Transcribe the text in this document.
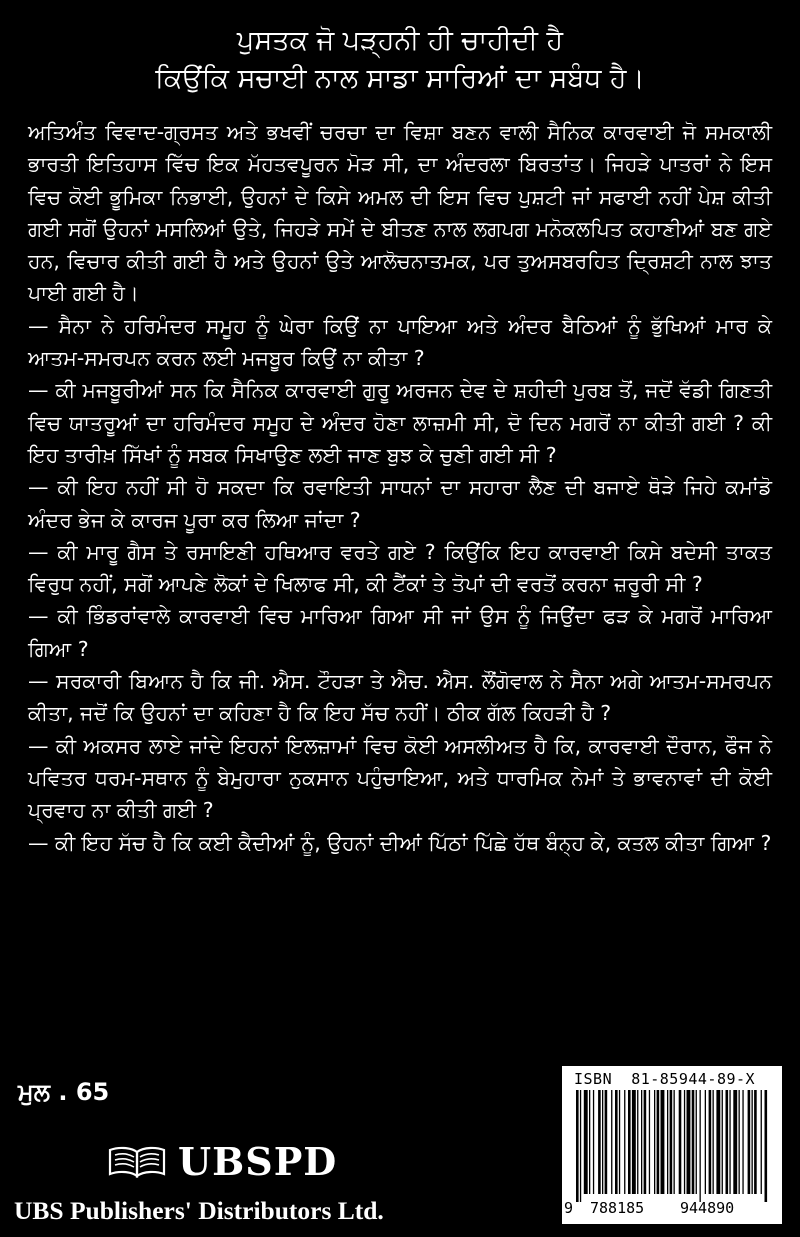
ਪੁਸਤਕ ਜੋ ਪੜ੍ਹਨੀ ਹੀ ਚਾਹੀਦੀ ਹੈ
ਕਿਉਂਕਿ ਸਚਾਈ ਨਾਲ ਸਾਡਾ ਸਾਰਿਆਂ ਦਾ ਸਬੰਧ ਹੈ।

ਅਤਿਅੰਤ ਵਿਵਾਦ-ਗ੍ਰਸਤ ਅਤੇ ਭਖਵੀਂ ਚਰਚਾ ਦਾ ਵਿਸ਼ਾ ਬਣਨ ਵਾਲੀ ਸੈਨਿਕ ਕਾਰਵਾਈ ਜੋ ਸਮਕਾਲੀ ਭਾਰਤੀ ਇਤਿਹਾਸ ਵਿੱਚ ਇਕ ਮੱਹਤਵਪੂਰਨ ਮੋੜ ਸੀ, ਦਾ ਅੰਦਰਲਾ ਬਿਰਤਾਂਤ। ਜਿਹੜੇ ਪਾਤਰਾਂ ਨੇ ਇਸ ਵਿਚ ਕੋਈ ਭੂਮਿਕਾ ਨਿਭਾਈ, ਉਹਨਾਂ ਦੇ ਕਿਸੇ ਅਮਲ ਦੀ ਇਸ ਵਿਚ ਪੁਸ਼ਟੀ ਜਾਂ ਸਫਾਈ ਨਹੀਂ ਪੇਸ਼ ਕੀਤੀ ਗਈ ਸਗੋਂ ਉਹਨਾਂ ਮਸਲਿਆਂ ਉਤੇ, ਜਿਹੜੇ ਸਮੇਂ ਦੇ ਬੀਤਣ ਨਾਲ ਲਗਪਗ ਮਨੋਕਲਪਿਤ ਕਹਾਣੀਆਂ ਬਣ ਗਏ ਹਨ, ਵਿਚਾਰ ਕੀਤੀ ਗਈ ਹੈ ਅਤੇ ਉਹਨਾਂ ਉਤੇ ਆਲੋਚਨਾਤਮਕ, ਪਰ ਤੁਅਸਬਰਹਿਤ ਦ੍ਰਿਸ਼ਟੀ ਨਾਲ ਝਾਤ ਪਾਈ ਗਈ ਹੈ।

— ਸੈਨਾ ਨੇ ਹਰਿਮੰਦਰ ਸਮੂਹ ਨੂੰ ਘੇਰਾ ਕਿਉਂ ਨਾ ਪਾਇਆ ਅਤੇ ਅੰਦਰ ਬੈਠਿਆਂ ਨੂੰ ਭੁੱਖਿਆਂ ਮਾਰ ਕੇ ਆਤਮ-ਸਮਰਪਨ ਕਰਨ ਲਈ ਮਜਬੂਰ ਕਿਉਂ ਨਾ ਕੀਤਾ ?

— ਕੀ ਮਜਬੂਰੀਆਂ ਸਨ ਕਿ ਸੈਨਿਕ ਕਾਰਵਾਈ ਗੁਰੂ ਅਰਜਨ ਦੇਵ ਦੇ ਸ਼ਹੀਦੀ ਪੁਰਬ ਤੋਂ, ਜਦੋਂ ਵੱਡੀ ਗਿਣਤੀ ਵਿਚ ਯਾਤਰੂਆਂ ਦਾ ਹਰਿਮੰਦਰ ਸਮੂਹ ਦੇ ਅੰਦਰ ਹੋਣਾ ਲਾਜ਼ਮੀ ਸੀ, ਦੋ ਦਿਨ ਮਗਰੋਂ ਨਾ ਕੀਤੀ ਗਈ ? ਕੀ ਇਹ ਤਾਰੀਖ਼ ਸਿੱਖਾਂ ਨੂੰ ਸਬਕ ਸਿਖਾਉਣ ਲਈ ਜਾਣ ਬੁਝ ਕੇ ਚੁਣੀ ਗਈ ਸੀ ?

— ਕੀ ਇਹ ਨਹੀਂ ਸੀ ਹੋ ਸਕਦਾ ਕਿ ਰਵਾਇਤੀ ਸਾਧਨਾਂ ਦਾ ਸਹਾਰਾ ਲੈਣ ਦੀ ਬਜਾਏ ਥੋੜੇ ਜਿਹੇ ਕਮਾਂਡੋ ਅੰਦਰ ਭੇਜ ਕੇ ਕਾਰਜ ਪੂਰਾ ਕਰ ਲਿਆ ਜਾਂਦਾ ?

— ਕੀ ਮਾਰੂ ਗੈਸ ਤੇ ਰਸਾਇਣੀ ਹਥਿਆਰ ਵਰਤੇ ਗਏ ? ਕਿਉਂਕਿ ਇਹ ਕਾਰਵਾਈ ਕਿਸੇ ਬਦੇਸੀ ਤਾਕਤ ਵਿਰੁਧ ਨਹੀਂ, ਸਗੋਂ ਆਪਣੇ ਲੋਕਾਂ ਦੇ ਖਿਲਾਫ ਸੀ, ਕੀ ਟੈਂਕਾਂ ਤੇ ਤੋਪਾਂ ਦੀ ਵਰਤੋਂ ਕਰਨਾ ਜ਼ਰੂਰੀ ਸੀ ?

— ਕੀ ਭਿੰਡਰਾਂਵਾਲੇ ਕਾਰਵਾਈ ਵਿਚ ਮਾਰਿਆ ਗਿਆ ਸੀ ਜਾਂ ਉਸ ਨੂੰ ਜਿਉਂਦਾ ਫੜ ਕੇ ਮਗਰੋਂ ਮਾਰਿਆ ਗਿਆ ?

— ਸਰਕਾਰੀ ਬਿਆਨ ਹੈ ਕਿ ਜੀ. ਐਸ. ਟੌਹੜਾ ਤੇ ਐਚ. ਐਸ. ਲੌਂਗੋਵਾਲ ਨੇ ਸੈਨਾ ਅਗੇ ਆਤਮ-ਸਮਰਪਨ ਕੀਤਾ, ਜਦੋਂ ਕਿ ਉਹਨਾਂ ਦਾ ਕਹਿਣਾ ਹੈ ਕਿ ਇਹ ਸੱਚ ਨਹੀਂ। ਠੀਕ ਗੱਲ ਕਿਹੜੀ ਹੈ ?

— ਕੀ ਅਕਸਰ ਲਾਏ ਜਾਂਦੇ ਇਹਨਾਂ ਇਲਜ਼ਾਮਾਂ ਵਿਚ ਕੋਈ ਅਸਲੀਅਤ ਹੈ ਕਿ, ਕਾਰਵਾਈ ਦੌਰਾਨ, ਫੌਜ ਨੇ ਪਵਿਤਰ ਧਰਮ-ਸਥਾਨ ਨੂੰ ਬੇਮੁਹਾਰਾ ਨੁਕਸਾਨ ਪਹੁੰਚਾਇਆ, ਅਤੇ ਧਾਰਮਿਕ ਨੇਮਾਂ ਤੇ ਭਾਵਨਾਵਾਂ ਦੀ ਕੋਈ ਪ੍ਰਵਾਹ ਨਾ ਕੀਤੀ ਗਈ ?

— ਕੀ ਇਹ ਸੱਚ ਹੈ ਕਿ ਕਈ ਕੈਦੀਆਂ ਨੂੰ, ਉਹਨਾਂ ਦੀਆਂ ਪਿੱਠਾਂ ਪਿੱਛੇ ਹੱਥ ਬੰਨ੍ਹ ਕੇ, ਕਤਲ ਕੀਤਾ ਗਿਆ ?

ਮੁਲ . 65
UBSPD
UBS Publishers' Distributors Ltd.
ISBN 81-85944-89-X
9 788185 944890
